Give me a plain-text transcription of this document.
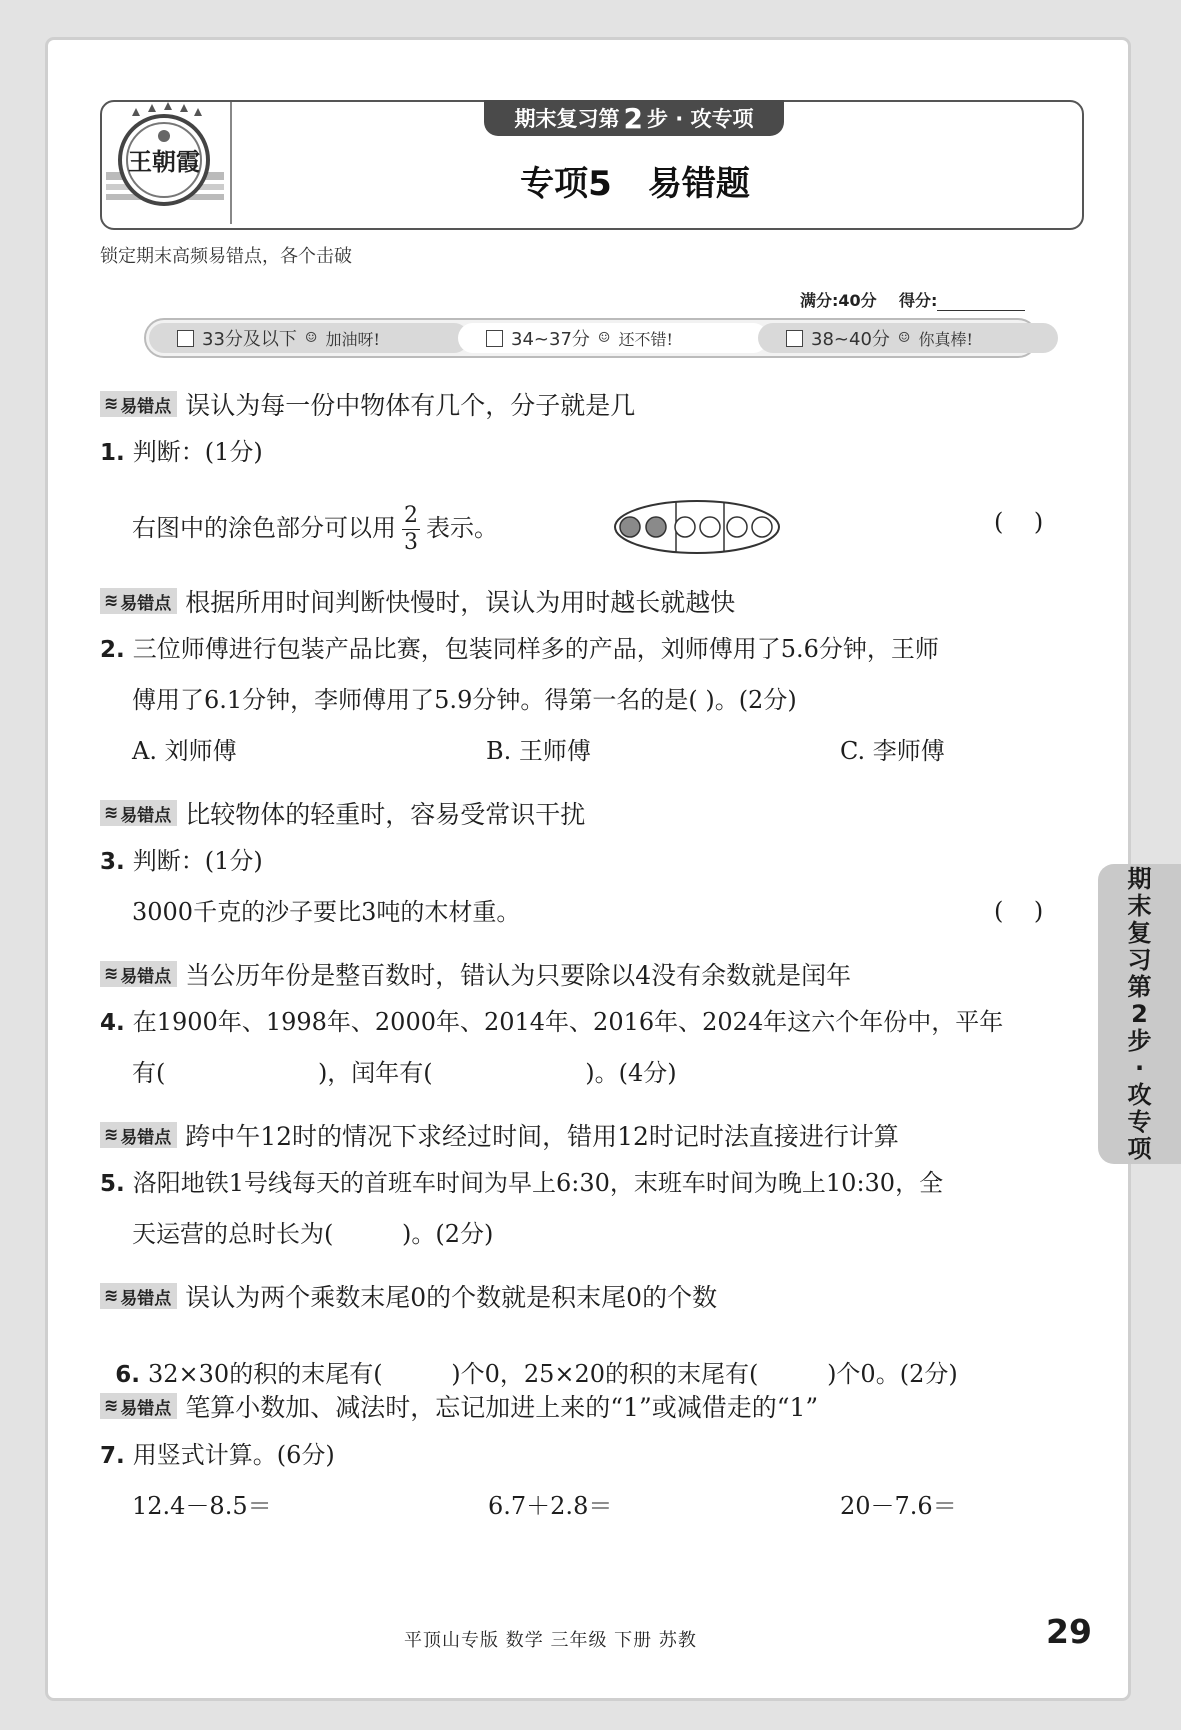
王朝霞
期末复习第 2 步 · 攻专项
专项5 易错题
锁定期末高频易错点，各个击破
满分:40分 得分:
33分及以下 ☺ 加油呀!	34~37分 ☺ 还不错!	38~40分 ☺ 你真棒!
≋ 易错点 误认为每一份中物体有几个，分子就是几
1. 判断：(1分)
右图中的涂色部分可以用 $\frac{2}{3}$ 表示。	(    )
≋ 易错点 根据所用时间判断快慢时，误认为用时越长就越快
2. 三位师傅进行包装产品比赛，包装同样多的产品，刘师傅用了5.6分钟，王师
傅用了6.1分钟，李师傅用了5.9分钟。得第一名的是( )。(2分)
A. 刘师傅	B. 王师傅	C. 李师傅
≋ 易错点 比较物体的轻重时，容易受常识干扰
3. 判断：(1分)
3000千克的沙子要比3吨的木材重。	(    )
≋ 易错点 当公历年份是整百数时，错认为只要除以4没有余数就是闰年
4. 在1900年、1998年、2000年、2014年、2016年、2024年这六个年份中，平年
有(                    )，闰年有(                    )。(4分)
≋ 易错点 跨中午12时的情况下求经过时间，错用12时记时法直接进行计算
5. 洛阳地铁1号线每天的首班车时间为早上6:30，末班车时间为晚上10:30，全
天运营的总时长为(         )。(2分)
≋ 易错点 误认为两个乘数末尾0的个数就是积末尾0的个数

6. 32×30的积的末尾有(         )个0，25×20的积的末尾有(         )个0。(2分)

≋ 易错点 笔算小数加、减法时，忘记加进上来的“1”或减借走的“1”
7. 用竖式计算。(6分)
12.4－8.5＝	6.7＋2.8＝	20－7.6＝
期
末
复
习
第
2
步
·
攻
专
项
平顶山专版 数学 三年级 下册 苏教	29
